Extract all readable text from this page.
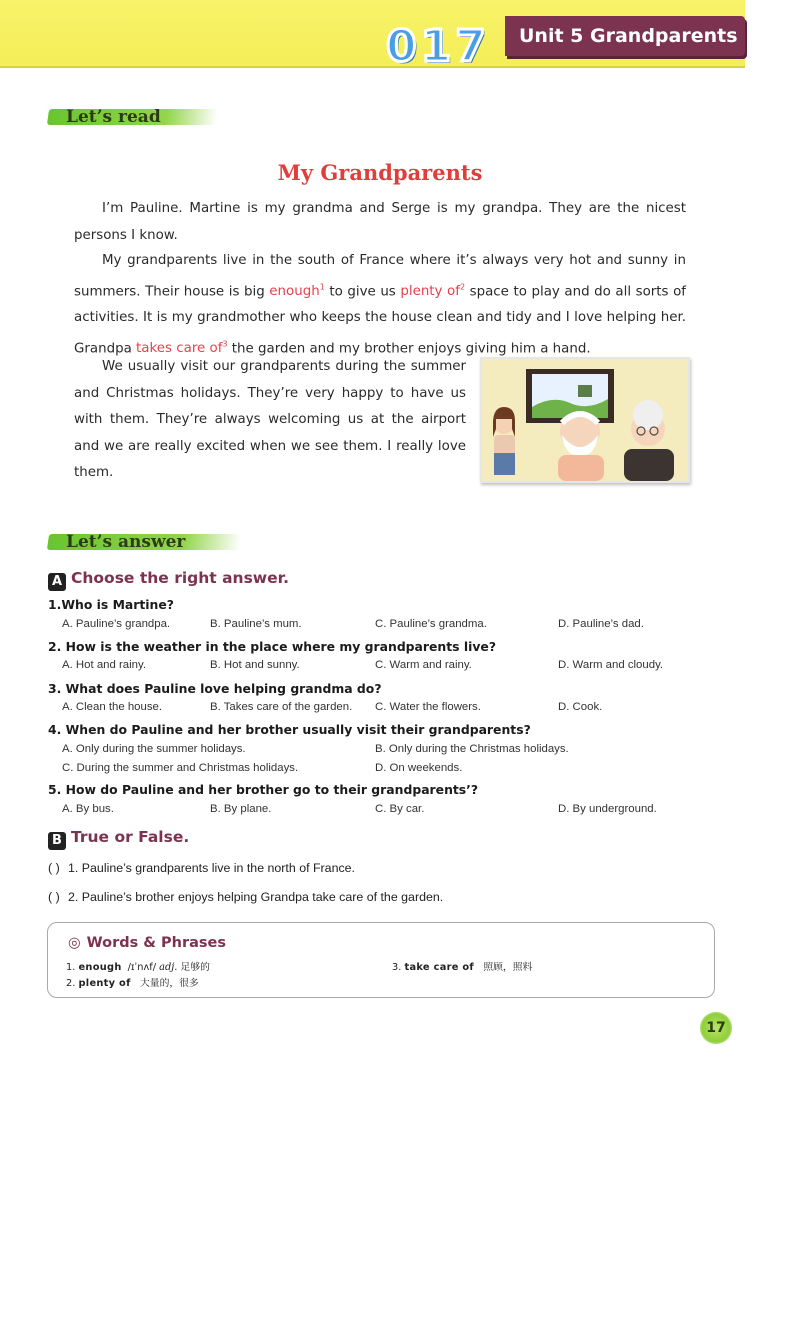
017	Unit 5 Grandparents
Let’s read
My Grandparents

I’m Pauline. Martine is my grandma and Serge is my grandpa. They are the nicest persons I know.

My grandparents live in the south of France where it’s always very hot and sunny in summers. Their house is big enough$^1$ to give us plenty $of^2$ space to play and do all sorts of activities. It is my grandmother who keeps the house clean and tidy and I love helping her. Grandpa takes care $of^3$ the garden and my brother enjoys giving him a hand.

We usually visit our grandparents during the summer and Christmas holidays. They’re very happy to have us with them. They’re always welcoming us at the airport and we are really excited when we see them. I really love them.

Let’s answer
A Choose the right answer.
1.Who is Martine?
A. Pauline’s grandpa.	B. Pauline’s mum.	C. Pauline’s grandma.	D. Pauline’s dad.
2. How is the weather in the place where my grandparents live?
A. Hot and rainy.	B. Hot and sunny.	C. Warm and rainy.	D. Warm and cloudy.
3. What does Pauline love helping grandma do?
A. Clean the house.	B. Takes care of the garden. C. Water the flowers.	D. Cook.
4. When do Pauline and her brother usually visit their grandparents?
A. Only during the summer holidays.	B. Only during the Christmas holidays.
C. During the summer and Christmas holidays.	D. On weekends.
5. How do Pauline and her brother go to their grandparents’?
A. By bus.	B. By plane.	C. By car.	D. By underground.
B True or False.
( ) 1. Pauline’s grandparents live in the north of France.
( ) 2. Pauline’s brother enjoys helping Grandpa take care of the garden.
◎ Words & Phrases
1. enough /ɪˈnʌf/ adj. 足够的
2. plenty of 大量的，很多
3. take care of 照顾，照料
17
